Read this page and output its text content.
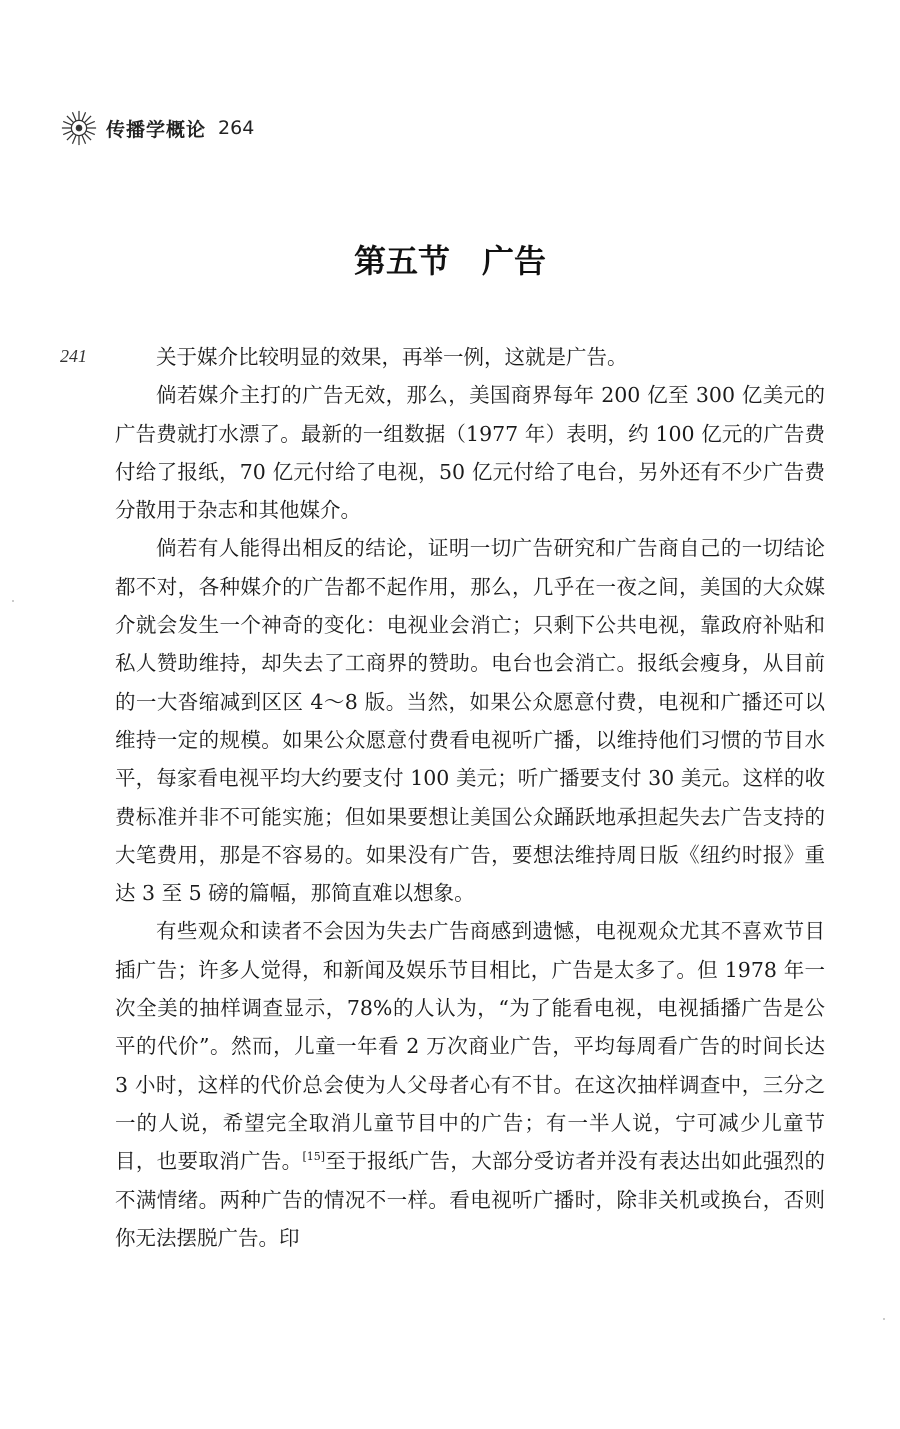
传播学概论 264
第五节　广告
241	关于媒介比较明显的效果，再举一例，这就是广告。

倘若媒介主打的广告无效，那么，美国商界每年 200 亿至 300 亿美元的广告费就打水漂了。最新的一组数据（1977 年）表明，约 100 亿元的广告费付给了报纸，70 亿元付给了电视，50 亿元付给了电台，另外还有不少广告费分散用于杂志和其他媒介。

倘若有人能得出相反的结论，证明一切广告研究和广告商自己的一切结论都不对，各种媒介的广告都不起作用，那么，几乎在一夜之间，美国的大众媒介就会发生一个神奇的变化：电视业会消亡；只剩下公共电视，靠政府补贴和私人赞助维持，却失去了工商界的赞助。电台也会消亡。报纸会瘦身，从目前的一大沓缩减到区区 4～8 版。当然，如果公众愿意付费，电视和广播还可以维持一定的规模。如果公众愿意付费看电视听广播，以维持他们习惯的节目水平，每家看电视平均大约要支付 100 美元；听广播要支付 30 美元。这样的收费标准并非不可能实施；但如果要想让美国公众踊跃地承担起失去广告支持的大笔费用，那是不容易的。如果没有广告，要想法维持周日版《纽约时报》重达 3 至 5 磅的篇幅，那简直难以想象。

有些观众和读者不会因为失去广告商感到遗憾，电视观众尤其不喜欢节目插广告；许多人觉得，和新闻及娱乐节目相比，广告是太多了。但 1978 年一次全美的抽样调查显示，78%的人认为，“为了能看电视，电视插播广告是公平的代价”。然而，儿童一年看 2 万次商业广告，平均每周看广告的时间长达 3 小时，这样的代价总会使为人父母者心有不甘。在这次抽样调查中，三分之一的人说，希望完全取消儿童节目中的广告；有一半人说，宁可减少儿童节目，也要取消广告。[15]至于报纸广告，大部分受访者并没有表达出如此强烈的不满情绪。两种广告的情况不一样。看电视听广播时，除非关机或换台，否则你无法摆脱广告。印
